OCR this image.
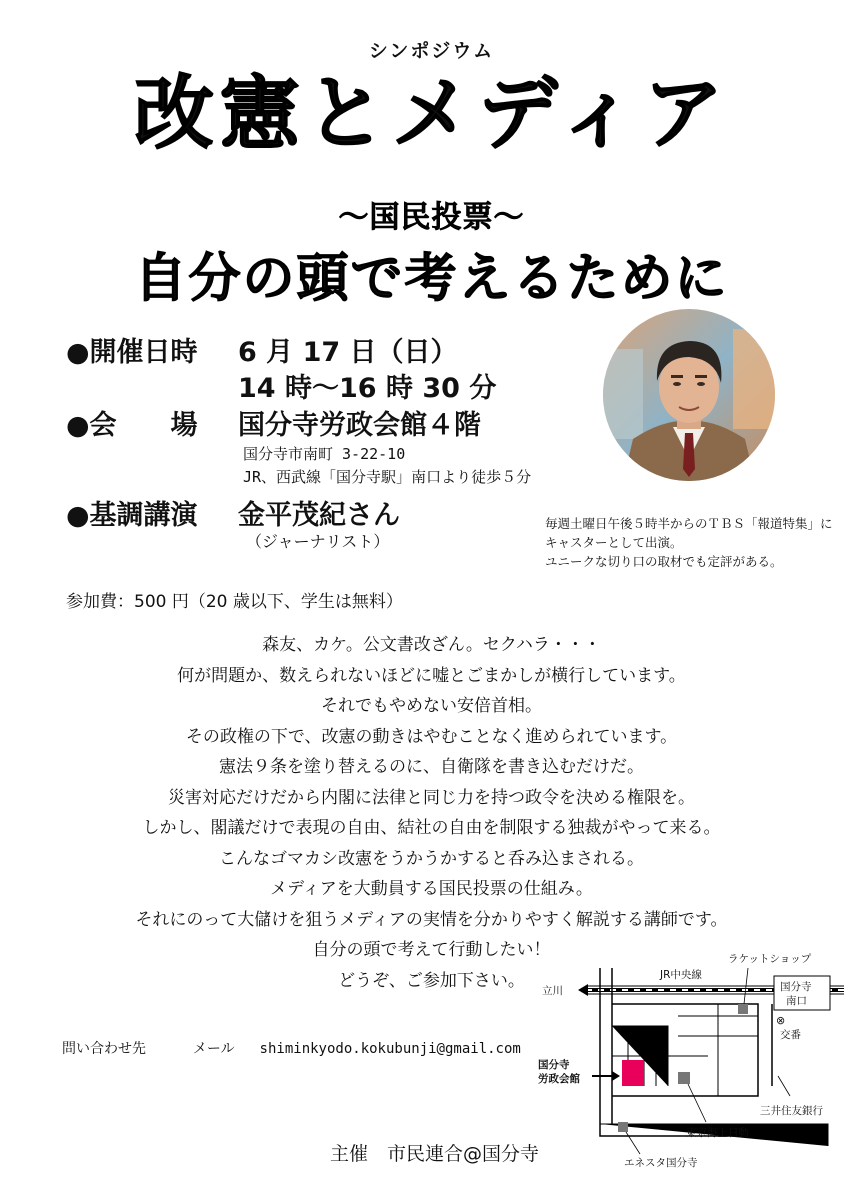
シンポジウム
改憲とメディア
～国民投票～
自分の頭で考えるために
●開催日時 6 月 17 日（日）
14 時～16 時 30 分
●会　　場 国分寺労政会館４階
国分寺市南町 3-22-10
JR、西武線「国分寺駅」南口より徒歩５分
●基調講演 金平茂紀さん
（ジャーナリスト）
毎週土曜日午後５時半からのＴＢＳ「報道特集」に
キャスターとして出演。
ユニークな切り口の取材でも定評がある。
参加費：500 円（20 歳以下、学生は無料）
森友、カケ。公文書改ざん。セクハラ・・・
何が問題か、数えられないほどに嘘とごまかしが横行しています。
それでもやめない安倍首相。
その政権の下で、改憲の動きはやむことなく進められています。
憲法９条を塗り替えるのに、自衛隊を書き込むだけだ。
災害対応だけだから内閣に法律と同じ力を持つ政令を決める権限を。
しかし、閣議だけで表現の自由、結社の自由を制限する独裁がやって来る。
こんなゴマカシ改憲をうかうかすると呑み込まされる。
メディアを大動員する国民投票の仕組み。
それにのって大儲けを狙うメディアの実情を分かりやすく解説する講師です。
自分の頭で考えて行動したい！
どうぞ、ご参加下さい。
問い合わせ先	メール shiminkyodo.kokubunji@gmail.com
主催　市民連合@国分寺
立川
JR中央線
ラケットショップ
国分寺
南口
⊗
交番
国分寺
労政会館
三井住友銀行
東京海上日動
エネスタ国分寺
